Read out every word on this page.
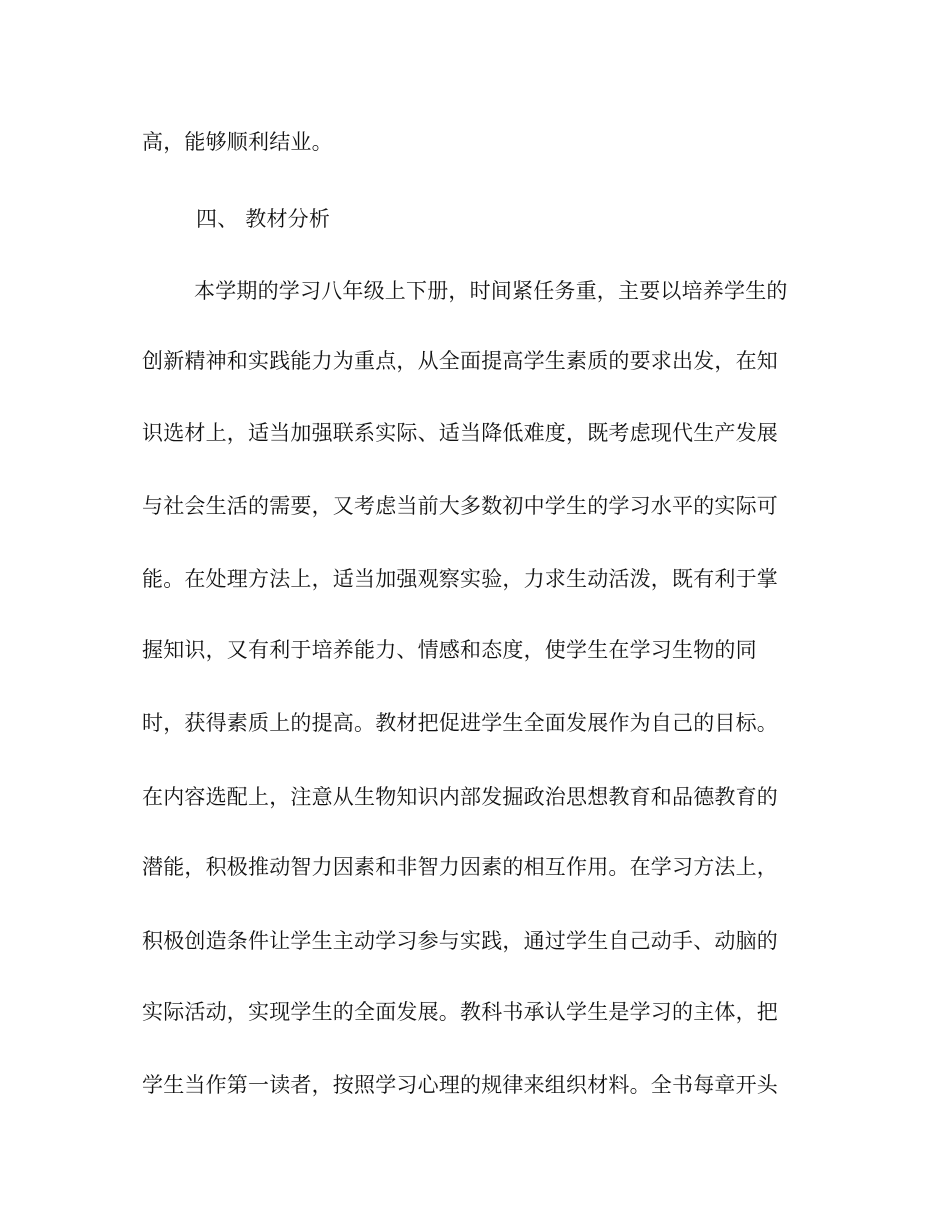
高，能够顺利结业。
四、 教材分析
本学期的学习八年级上下册，时间紧任务重，主要以培养学生的
创新精神和实践能力为重点，从全面提高学生素质的要求出发，在知
识选材上，适当加强联系实际、适当降低难度，既考虑现代生产发展
与社会生活的需要，又考虑当前大多数初中学生的学习水平的实际可
能。在处理方法上，适当加强观察实验，力求生动活泼，既有利于掌
握知识，又有利于培养能力、情感和态度，使学生在学习生物的同
时，获得素质上的提高。教材把促进学生全面发展作为自己的目标。
在内容选配上，注意从生物知识内部发掘政治思想教育和品德教育的
潜能，积极推动智力因素和非智力因素的相互作用。在学习方法上，
积极创造条件让学生主动学习参与实践，通过学生自己动手、动脑的
实际活动，实现学生的全面发展。教科书承认学生是学习的主体，把
学生当作第一读者，按照学习心理的规律来组织材料。全书每章开头
